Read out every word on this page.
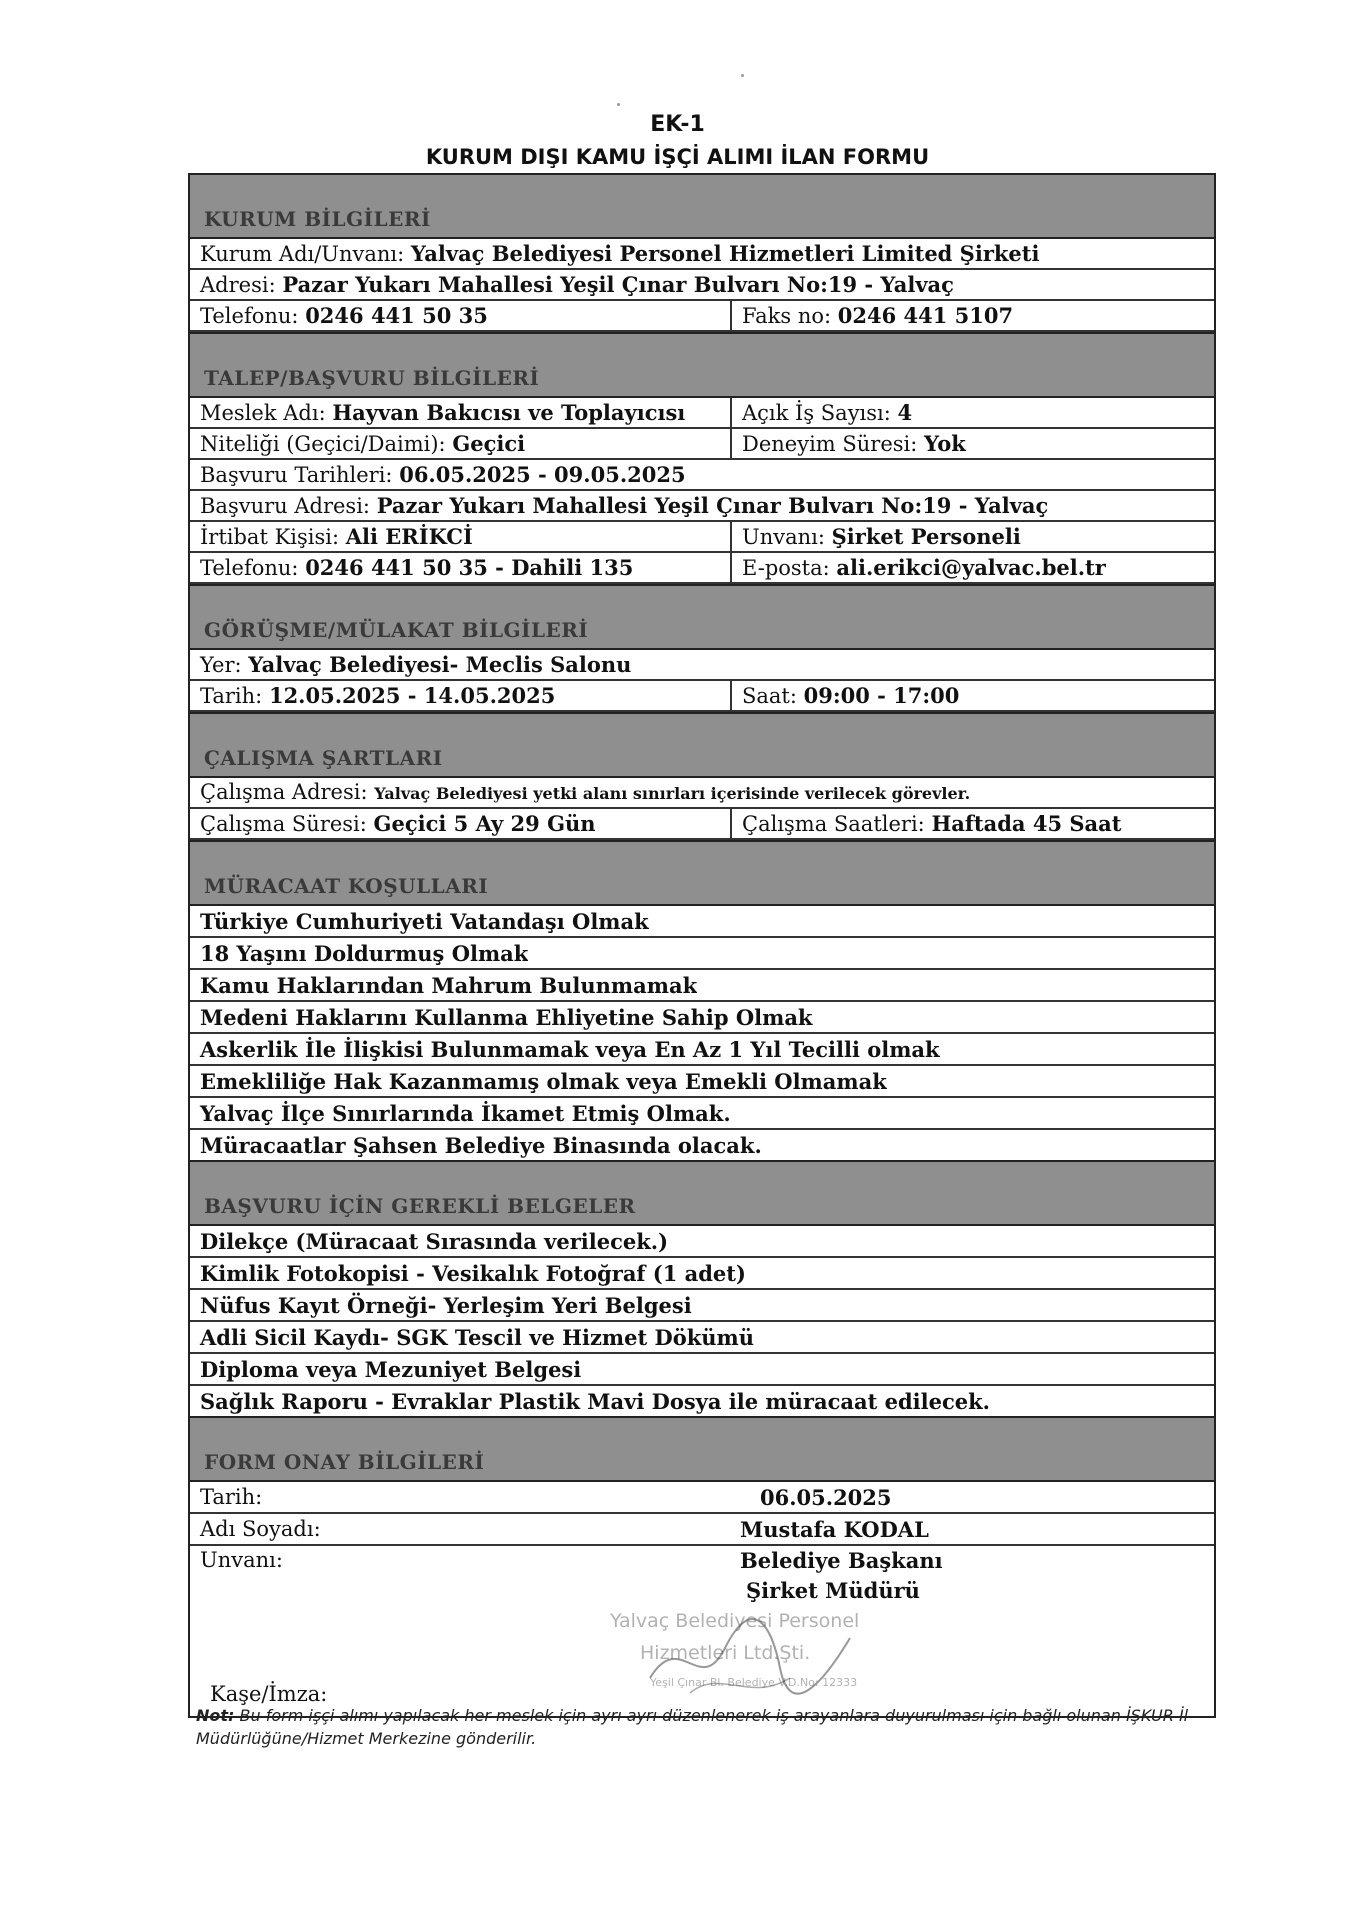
EK-1
KURUM DIŞI KAMU İŞÇİ ALIMI İLAN FORMU
KURUM BİLGİLERİ
Kurum Adı/Unvanı: Yalvaç Belediyesi Personel Hizmetleri Limited Şirketi
Adresi: Pazar Yukarı Mahallesi Yeşil Çınar Bulvarı No:19 - Yalvaç
Telefonu: 0246 441 50 35	Faks no: 0246 441 5107
TALEP/BAŞVURU BİLGİLERİ
Meslek Adı: Hayvan Bakıcısı ve Toplayıcısı	Açık İş Sayısı: 4
Niteliği (Geçici/Daimi): Geçici	Deneyim Süresi: Yok
Başvuru Tarihleri: 06.05.2025 - 09.05.2025
Başvuru Adresi: Pazar Yukarı Mahallesi Yeşil Çınar Bulvarı No:19 - Yalvaç
İrtibat Kişisi: Ali ERİKCİ	Unvanı: Şirket Personeli
Telefonu: 0246 441 50 35 - Dahili 135	E-posta: ali.erikci@yalvac.bel.tr
GÖRÜŞME/MÜLAKAT BİLGİLERİ
Yer: Yalvaç Belediyesi- Meclis Salonu
Tarih: 12.05.2025 - 14.05.2025	Saat: 09:00 - 17:00
ÇALIŞMA ŞARTLARI
Çalışma Adresi: Yalvaç Belediyesi yetki alanı sınırları içerisinde verilecek görevler.
Çalışma Süresi: Geçici 5 Ay 29 Gün	Çalışma Saatleri: Haftada 45 Saat
MÜRACAAT KOŞULLARI
Türkiye Cumhuriyeti Vatandaşı Olmak
18 Yaşını Doldurmuş Olmak
Kamu Haklarından Mahrum Bulunmamak
Medeni Haklarını Kullanma Ehliyetine Sahip Olmak
Askerlik İle İlişkisi Bulunmamak veya En Az 1 Yıl Tecilli olmak
Emekliliğe Hak Kazanmamış olmak veya Emekli Olmamak
Yalvaç İlçe Sınırlarında İkamet Etmiş Olmak.
Müracaatlar Şahsen Belediye Binasında olacak.
BAŞVURU İÇİN GEREKLİ BELGELER
Dilekçe (Müracaat Sırasında verilecek.)
Kimlik Fotokopisi - Vesikalık Fotoğraf (1 adet)
Nüfus Kayıt Örneği- Yerleşim Yeri Belgesi
Adli Sicil Kaydı- SGK Tescil ve Hizmet Dökümü
Diploma veya Mezuniyet Belgesi
Sağlık Raporu - Evraklar Plastik Mavi Dosya ile müracaat edilecek.
FORM ONAY BİLGİLERİ
Tarih:	06.05.2025
Adı Soyadı:	Mustafa KODAL
Unvanı:	Belediye Başkanı
Şirket Müdürü
Kaşe/İmza:
Yalvaç Belediyesi Personel
Hizmetleri Ltd.Şti.
Yeşil Çınar Bl. Belediye V.D.No: 12333
Not: Bu form işçi alımı yapılacak her meslek için ayrı ayrı düzenlenerek iş arayanlara duyurulması için bağlı olunan İŞKUR İl Müdürlüğüne/Hizmet Merkezine gönderilir.
